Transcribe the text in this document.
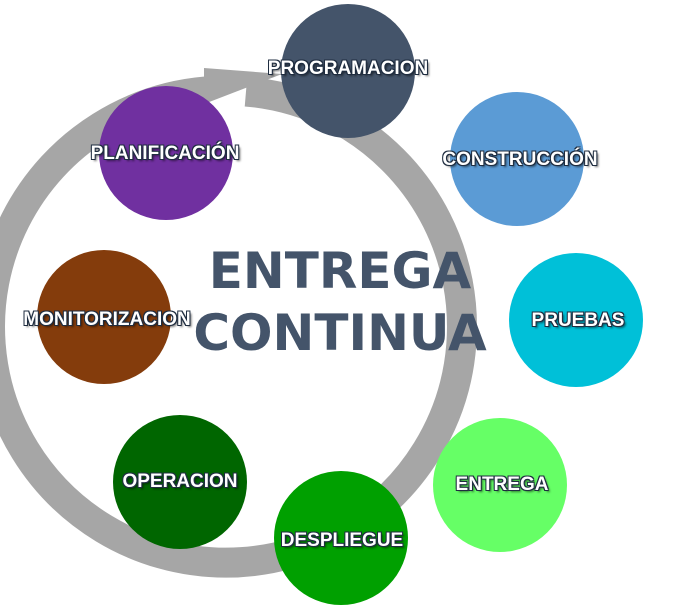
PROGRAMACION
CONSTRUCCIÓN
PRUEBAS
ENTREGA
DESPLIEGUE
OPERACION
MONITORIZACION
PLANIFICACIÓN
ENTREGA
CONTINUA
